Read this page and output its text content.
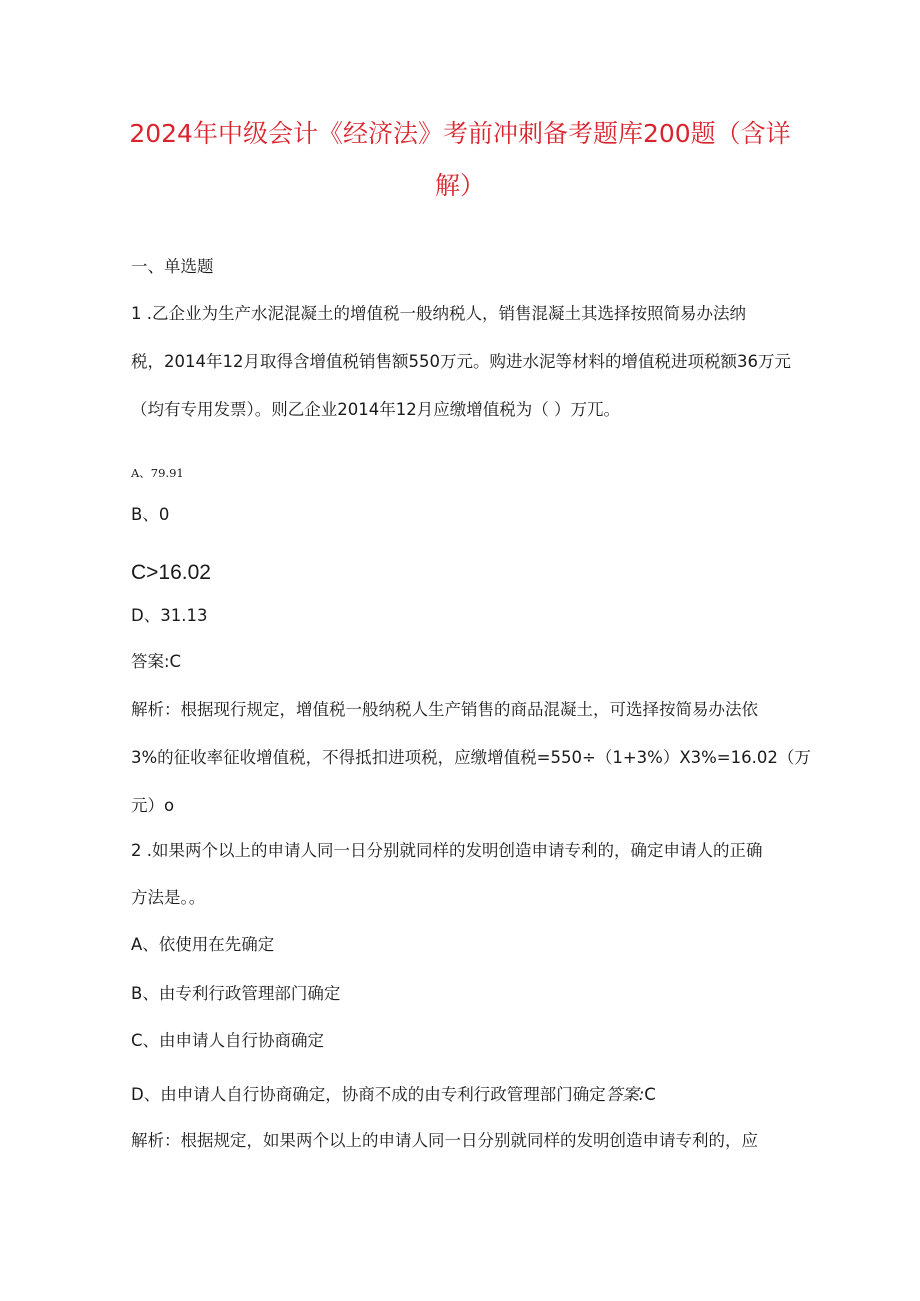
2024年中级会计《经济法》考前冲刺备考题库200题（含详
解）
一、单选题
1 .乙企业为生产水泥混凝土的增值税一般纳税人，销售混凝土其选择按照简易办法纳
税，2014年12月取得含增值税销售额550万元。购进水泥等材料的增值税进项税额36万元
（均有专用发票）。则乙企业2014年12月应缴增值税为（ ）万兀。
A、79.91
B、0
C>16.02
D、31.13
答案:C
解析：根据现行规定，增值税一般纳税人生产销售的商品混凝土，可选择按简易办法依
3%的征收率征收增值税，不得抵扣进项税，应缴增值税=550÷（1+3%）X3%=16.02（万
元）o
2 .如果两个以上的申请人同一日分别就同样的发明创造申请专利的，确定申请人的正确
方法是。。
A、依使用在先确定
B、由专利行政管理部门确定
C、由申请人自行协商确定
D、由申请人自行协商确定，协商不成的由专利行政管理部门确定答案:C
解析：根据规定，如果两个以上的申请人同一日分别就同样的发明创造申请专利的，应
